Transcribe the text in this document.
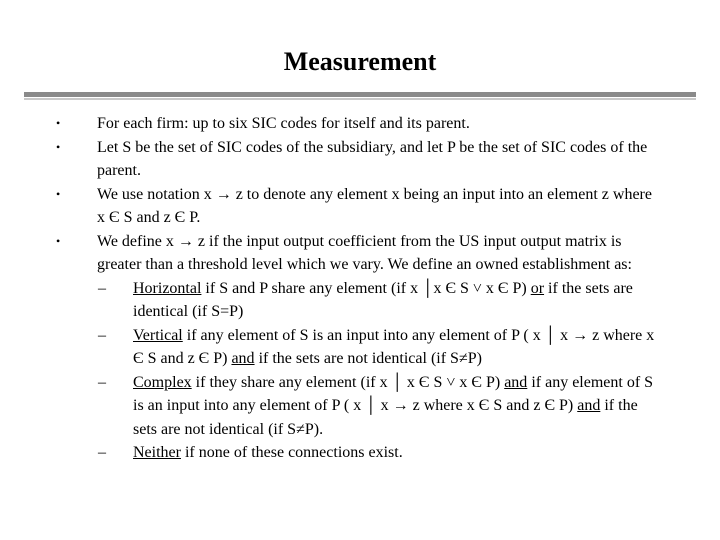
Measurement
• For each firm: up to six SIC codes for itself and its parent.
• Let S be the set of SIC codes of the subsidiary, and let P be the set of SIC codes of the parent.
• We use notation x → z to denote any element x being an input into an element z where x Є S and z Є P.
• We define x → z if the input output coefficient from the US input output matrix is greater than a threshold level which we vary. We define an owned establishment as:
– Horizontal if S and P share any element (if x │x Є S ˅ x Є P) or if the sets are identical (if S=P)
– Vertical if any element of S is an input into any element of P ( x │ x → z where x Є S and z Є P) and if the sets are not identical (if S≠P)
– Complex if they share any element (if x │ x Є S ˅ x Є P) and if any element of S is an input into any element of P ( x │ x → z where x Є S and z Є P) and if the sets are not identical (if S≠P).
– Neither if none of these connections exist.
